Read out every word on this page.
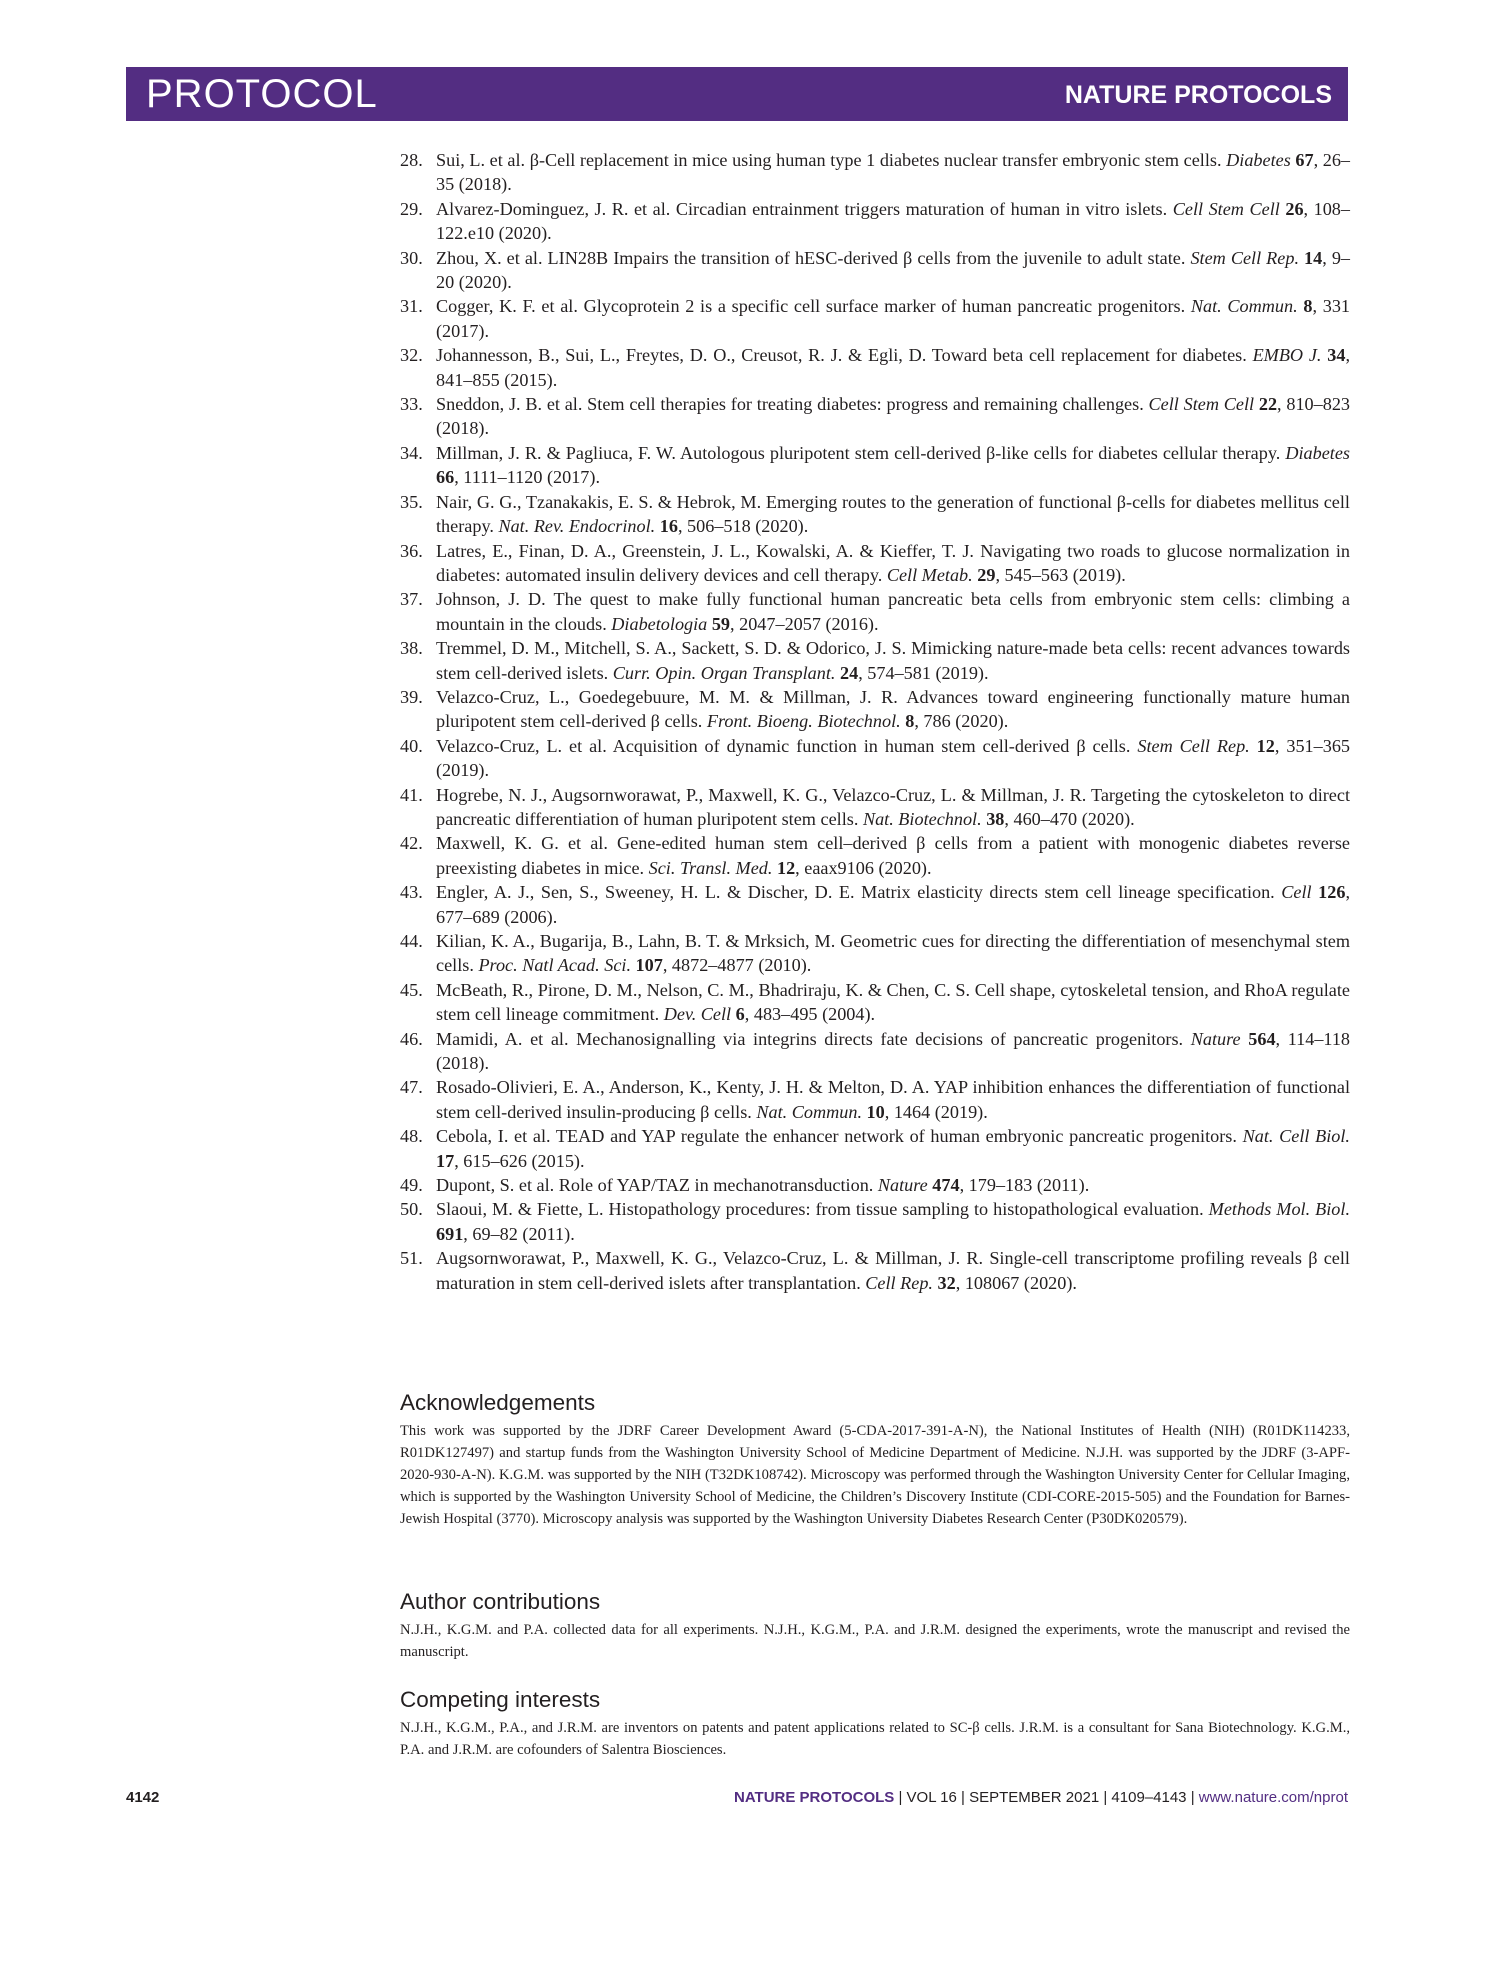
PROTOCOL	NATURE PROTOCOLS
28. Sui, L. et al. β-Cell replacement in mice using human type 1 diabetes nuclear transfer embryonic stem cells. Diabetes 67, 26–35 (2018).
29. Alvarez-Dominguez, J. R. et al. Circadian entrainment triggers maturation of human in vitro islets. Cell Stem Cell 26, 108–122.e10 (2020).
30. Zhou, X. et al. LIN28B Impairs the transition of hESC-derived β cells from the juvenile to adult state. Stem Cell Rep. 14, 9–20 (2020).
31. Cogger, K. F. et al. Glycoprotein 2 is a specific cell surface marker of human pancreatic progenitors. Nat. Commun. 8, 331 (2017).
32. Johannesson, B., Sui, L., Freytes, D. O., Creusot, R. J. & Egli, D. Toward beta cell replacement for diabetes. EMBO J. 34, 841–855 (2015).
33. Sneddon, J. B. et al. Stem cell therapies for treating diabetes: progress and remaining challenges. Cell Stem Cell 22, 810–823 (2018).
34. Millman, J. R. & Pagliuca, F. W. Autologous pluripotent stem cell-derived β-like cells for diabetes cellular therapy. Diabetes 66, 1111–1120 (2017).
35. Nair, G. G., Tzanakakis, E. S. & Hebrok, M. Emerging routes to the generation of functional β-cells for diabetes mellitus cell therapy. Nat. Rev. Endocrinol. 16, 506–518 (2020).
36. Latres, E., Finan, D. A., Greenstein, J. L., Kowalski, A. & Kieffer, T. J. Navigating two roads to glucose normalization in diabetes: automated insulin delivery devices and cell therapy. Cell Metab. 29, 545–563 (2019).
37. Johnson, J. D. The quest to make fully functional human pancreatic beta cells from embryonic stem cells: climbing a mountain in the clouds. Diabetologia 59, 2047–2057 (2016).
38. Tremmel, D. M., Mitchell, S. A., Sackett, S. D. & Odorico, J. S. Mimicking nature-made beta cells: recent advances towards stem cell-derived islets. Curr. Opin. Organ Transplant. 24, 574–581 (2019).
39. Velazco-Cruz, L., Goedegebuure, M. M. & Millman, J. R. Advances toward engineering functionally mature human pluripotent stem cell-derived β cells. Front. Bioeng. Biotechnol. 8, 786 (2020).
40. Velazco-Cruz, L. et al. Acquisition of dynamic function in human stem cell-derived β cells. Stem Cell Rep. 12, 351–365 (2019).
41. Hogrebe, N. J., Augsornworawat, P., Maxwell, K. G., Velazco-Cruz, L. & Millman, J. R. Targeting the cytoskeleton to direct pancreatic differentiation of human pluripotent stem cells. Nat. Biotechnol. 38, 460–470 (2020).
42. Maxwell, K. G. et al. Gene-edited human stem cell–derived β cells from a patient with monogenic diabetes reverse preexisting diabetes in mice. Sci. Transl. Med. 12, eaax9106 (2020).
43. Engler, A. J., Sen, S., Sweeney, H. L. & Discher, D. E. Matrix elasticity directs stem cell lineage specification. Cell 126, 677–689 (2006).
44. Kilian, K. A., Bugarija, B., Lahn, B. T. & Mrksich, M. Geometric cues for directing the differentiation of mesenchymal stem cells. Proc. Natl Acad. Sci. 107, 4872–4877 (2010).
45. McBeath, R., Pirone, D. M., Nelson, C. M., Bhadriraju, K. & Chen, C. S. Cell shape, cytoskeletal tension, and RhoA regulate stem cell lineage commitment. Dev. Cell 6, 483–495 (2004).
46. Mamidi, A. et al. Mechanosignalling via integrins directs fate decisions of pancreatic progenitors. Nature 564, 114–118 (2018).
47. Rosado-Olivieri, E. A., Anderson, K., Kenty, J. H. & Melton, D. A. YAP inhibition enhances the differentiation of functional stem cell-derived insulin-producing β cells. Nat. Commun. 10, 1464 (2019).
48. Cebola, I. et al. TEAD and YAP regulate the enhancer network of human embryonic pancreatic progenitors. Nat. Cell Biol. 17, 615–626 (2015).
49. Dupont, S. et al. Role of YAP/TAZ in mechanotransduction. Nature 474, 179–183 (2011).
50. Slaoui, M. & Fiette, L. Histopathology procedures: from tissue sampling to histopathological evaluation. Methods Mol. Biol. 691, 69–82 (2011).
51. Augsornworawat, P., Maxwell, K. G., Velazco-Cruz, L. & Millman, J. R. Single-cell transcriptome profiling reveals β cell maturation in stem cell-derived islets after transplantation. Cell Rep. 32, 108067 (2020).
Acknowledgements

This work was supported by the JDRF Career Development Award (5-CDA-2017-391-A-N), the National Institutes of Health (NIH) (R01DK114233, R01DK127497) and startup funds from the Washington University School of Medicine Department of Medicine. N.J.H. was supported by the JDRF (3-APF-2020-930-A-N). K.G.M. was supported by the NIH (T32DK108742). Microscopy was performed through the Washington University Center for Cellular Imaging, which is supported by the Washington University School of Medicine, the Children’s Discovery Institute (CDI-CORE-2015-505) and the Foundation for Barnes-Jewish Hospital (3770). Microscopy analysis was supported by the Washington University Diabetes Research Center (P30DK020579).

Author contributions

N.J.H., K.G.M. and P.A. collected data for all experiments. N.J.H., K.G.M., P.A. and J.R.M. designed the experiments, wrote the manuscript and revised the manuscript.

Competing interests

N.J.H., K.G.M., P.A., and J.R.M. are inventors on patents and patent applications related to SC-β cells. J.R.M. is a consultant for Sana Biotechnology. K.G.M., P.A. and J.R.M. are cofounders of Salentra Biosciences.

4142	NATURE PROTOCOLS | VOL 16 | SEPTEMBER 2021 | 4109–4143 | www.nature.com/nprot
